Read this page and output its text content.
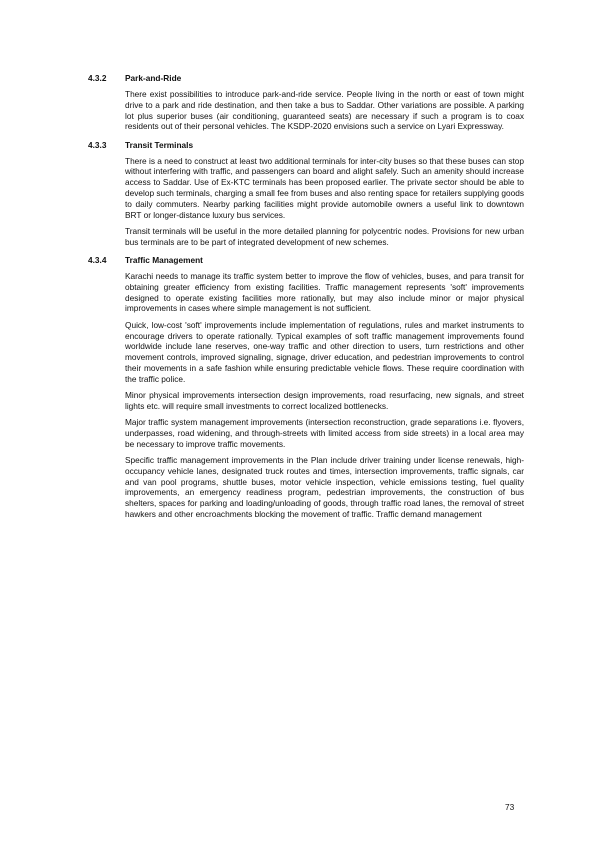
4.3.2	Park-and-Ride

There exist possibilities to introduce park-and-ride service. People living in the north or east of town might drive to a park and ride destination, and then take a bus to Saddar. Other variations are possible. A parking lot plus superior buses (air conditioning, guaranteed seats) are necessary if such a program is to coax residents out of their personal vehicles. The KSDP-2020 envisions such a service on Lyari Expressway.

4.3.3	Transit Terminals

There is a need to construct at least two additional terminals for inter-city buses so that these buses can stop without interfering with traffic, and passengers can board and alight safely. Such an amenity should increase access to Saddar. Use of Ex-KTC terminals has been proposed earlier. The private sector should be able to develop such terminals, charging a small fee from buses and also renting space for retailers supplying goods to daily commuters. Nearby parking facilities might provide automobile owners a useful link to downtown BRT or longer-distance luxury bus services.

Transit terminals will be useful in the more detailed planning for polycentric nodes. Provisions for new urban bus terminals are to be part of integrated development of new schemes.

4.3.4	Traffic Management

Karachi needs to manage its traffic system better to improve the flow of vehicles, buses, and para transit for obtaining greater efficiency from existing facilities. Traffic management represents 'soft' improvements designed to operate existing facilities more rationally, but may also include minor or major physical improvements in cases where simple management is not sufficient.

Quick, low-cost 'soft' improvements include implementation of regulations, rules and market instruments to encourage drivers to operate rationally. Typical examples of soft traffic management improvements found worldwide include lane reserves, one-way traffic and other direction to users, turn restrictions and other movement controls, improved signaling, signage, driver education, and pedestrian improvements to control their movements in a safe fashion while ensuring predictable vehicle flows. These require coordination with the traffic police.

Minor physical improvements intersection design improvements, road resurfacing, new signals, and street lights etc. will require small investments to correct localized bottlenecks.

Major traffic system management improvements (intersection reconstruction, grade separations i.e. flyovers, underpasses, road widening, and through-streets with limited access from side streets) in a local area may be necessary to improve traffic movements.

Specific traffic management improvements in the Plan include driver training under license renewals, high-occupancy vehicle lanes, designated truck routes and times, intersection improvements, traffic signals, car and van pool programs, shuttle buses, motor vehicle inspection, vehicle emissions testing, fuel quality improvements, an emergency readiness program, pedestrian improvements, the construction of bus shelters, spaces for parking and loading/unloading of goods, through traffic road lanes, the removal of street hawkers and other encroachments blocking the movement of traffic. Traffic demand management

73
